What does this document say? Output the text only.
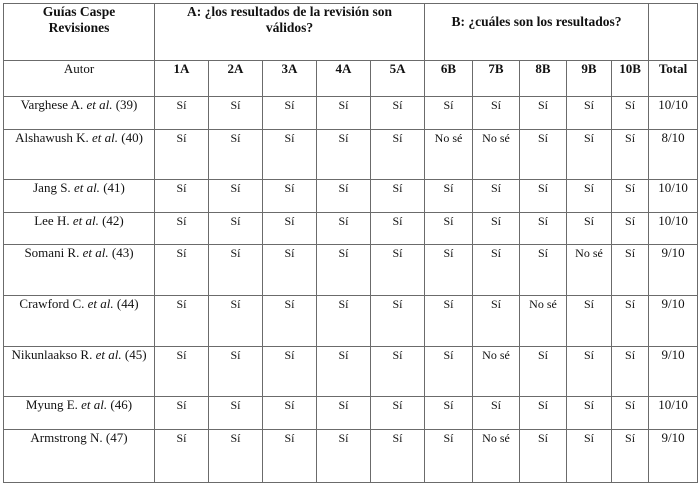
Guías Caspe
Revisiones	A: ¿los resultados de la revisión son válidos?					B: ¿cuáles son los resultados?					
Autor	1A	2A	3A	4A	5A	6B	7B	8B	9B	10B	Total
Varghese A. et al. (39)	Sí	Sí	Sí	Sí	Sí	Sí	Sí	Sí	Sí	Sí	10/10
Alshawush K. et al. (40)	Sí	Sí	Sí	Sí	Sí	No sé	No sé	Sí	Sí	Sí	8/10
Jang S. et al. (41)	Sí	Sí	Sí	Sí	Sí	Sí	Sí	Sí	Sí	Sí	10/10
Lee H. et al. (42)	Sí	Sí	Sí	Sí	Sí	Sí	Sí	Sí	Sí	Sí	10/10
Somani R. et al. (43)	Sí	Sí	Sí	Sí	Sí	Sí	Sí	Sí	No sé	Sí	9/10
Crawford C. et al. (44)	Sí	Sí	Sí	Sí	Sí	Sí	Sí	No sé	Sí	Sí	9/10
Nikunlaakso R. et al. (45)	Sí	Sí	Sí	Sí	Sí	Sí	No sé	Sí	Sí	Sí	9/10
Myung E. et al. (46)	Sí	Sí	Sí	Sí	Sí	Sí	Sí	Sí	Sí	Sí	10/10
Armstrong N. (47)	Sí	Sí	Sí	Sí	Sí	Sí	No sé	Sí	Sí	Sí	9/10
